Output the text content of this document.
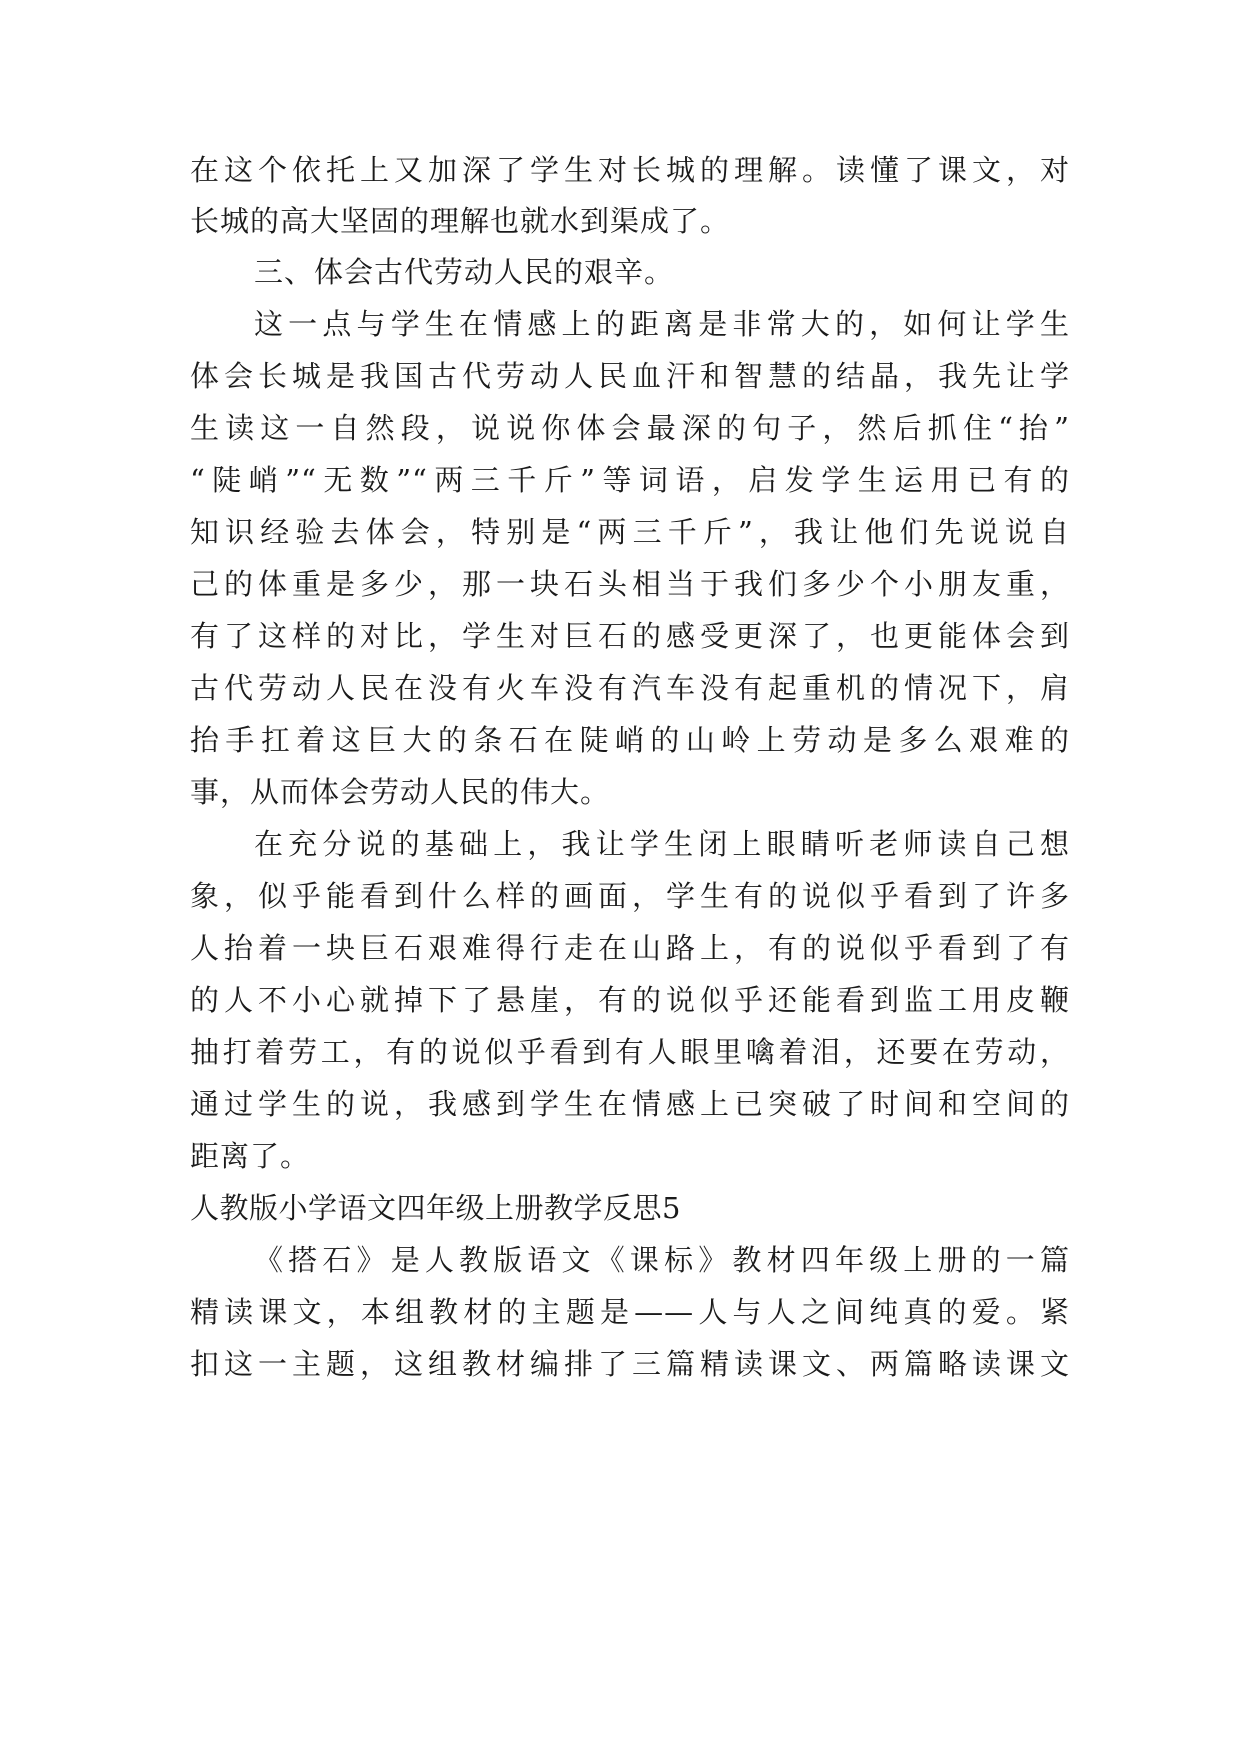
在这个依托上又加深了学生对长城的理解。读懂了课文，对
长城的高大坚固的理解也就水到渠成了。
三、体会古代劳动人民的艰辛。
这一点与学生在情感上的距离是非常大的，如何让学生
体会长城是我国古代劳动人民血汗和智慧的结晶，我先让学
生读这一自然段，说说你体会最深的句子，然后抓住“抬”
“陡峭”“无数”“两三千斤”等词语，启发学生运用已有的
知识经验去体会，特别是“两三千斤”，我让他们先说说自
己的体重是多少，那一块石头相当于我们多少个小朋友重，
有了这样的对比，学生对巨石的感受更深了，也更能体会到
古代劳动人民在没有火车没有汽车没有起重机的情况下，肩
抬手扛着这巨大的条石在陡峭的山岭上劳动是多么艰难的
事，从而体会劳动人民的伟大。
在充分说的基础上，我让学生闭上眼睛听老师读自己想
象，似乎能看到什么样的画面，学生有的说似乎看到了许多
人抬着一块巨石艰难得行走在山路上，有的说似乎看到了有
的人不小心就掉下了悬崖，有的说似乎还能看到监工用皮鞭
抽打着劳工，有的说似乎看到有人眼里噙着泪，还要在劳动，
通过学生的说，我感到学生在情感上已突破了时间和空间的
距离了。
人教版小学语文四年级上册教学反思5
《搭石》是人教版语文《课标》教材四年级上册的一篇
精读课文，本组教材的主题是——人与人之间纯真的爱。紧
扣这一主题，这组教材编排了三篇精读课文、两篇略读课文
